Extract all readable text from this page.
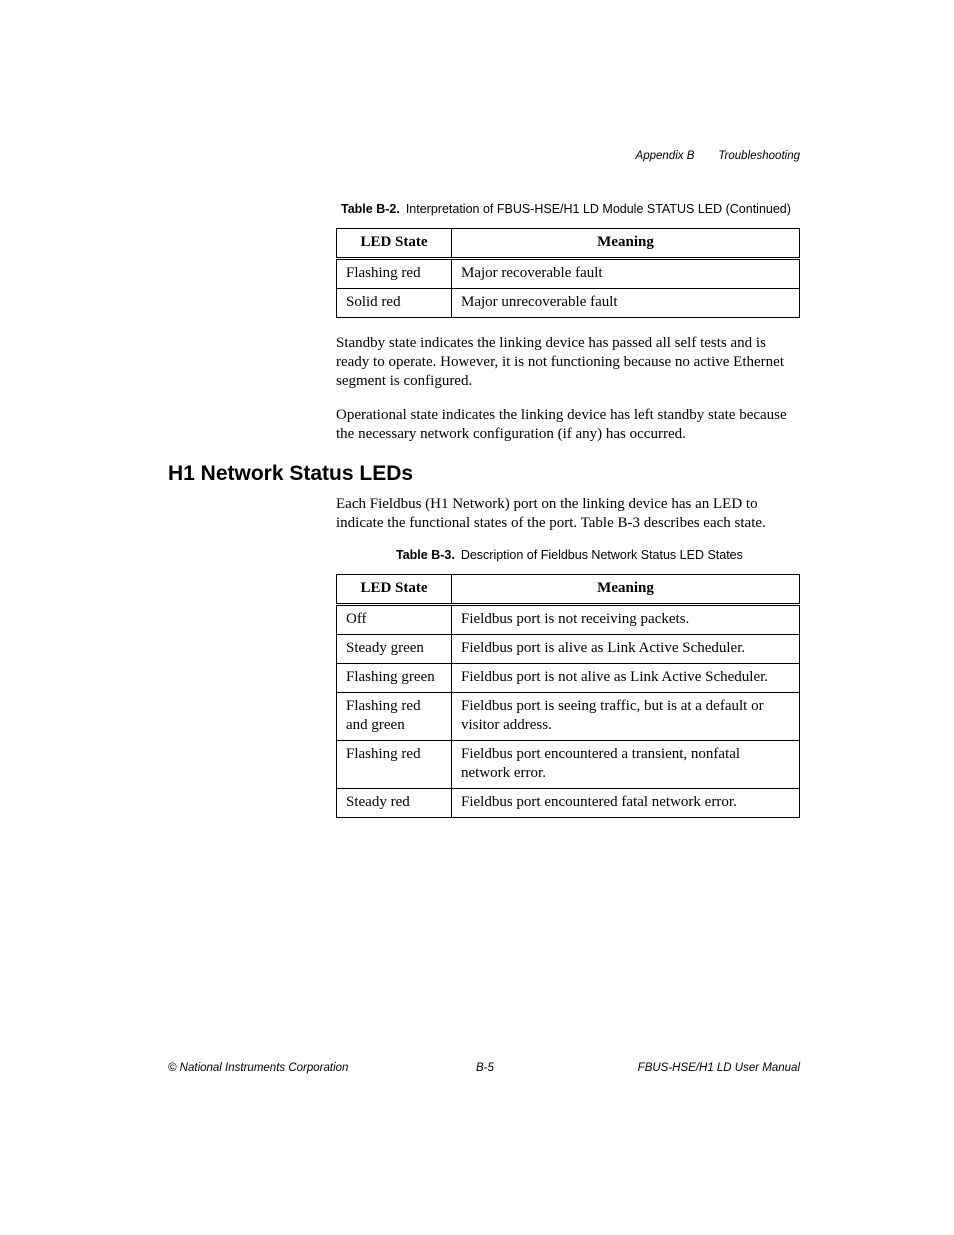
Appendix B Troubleshooting
Table B-2. Interpretation of FBUS-HSE/H1 LD Module STATUS LED (Continued)
LED State	Meaning
Flashing red	Major recoverable fault
Solid red	Major unrecoverable fault
Standby state indicates the linking device has passed all self tests and is ready to operate. However, it is not functioning because no active Ethernet segment is configured.
Operational state indicates the linking device has left standby state because the necessary network configuration (if any) has occurred.
H1 Network Status LEDs
Each Fieldbus (H1 Network) port on the linking device has an LED to indicate the functional states of the port. Table B-3 describes each state.
Table B-3. Description of Fieldbus Network Status LED States
LED State	Meaning
Off	Fieldbus port is not receiving packets.
Steady green	Fieldbus port is alive as Link Active Scheduler.
Flashing green	Fieldbus port is not alive as Link Active Scheduler.
Flashing red and green	Fieldbus port is seeing traffic, but is at a default or visitor address.
Flashing red	Fieldbus port encountered a transient, nonfatal network error.
Steady red	Fieldbus port encountered fatal network error.
© National Instruments Corporation	B-5	FBUS-HSE/H1 LD User Manual
